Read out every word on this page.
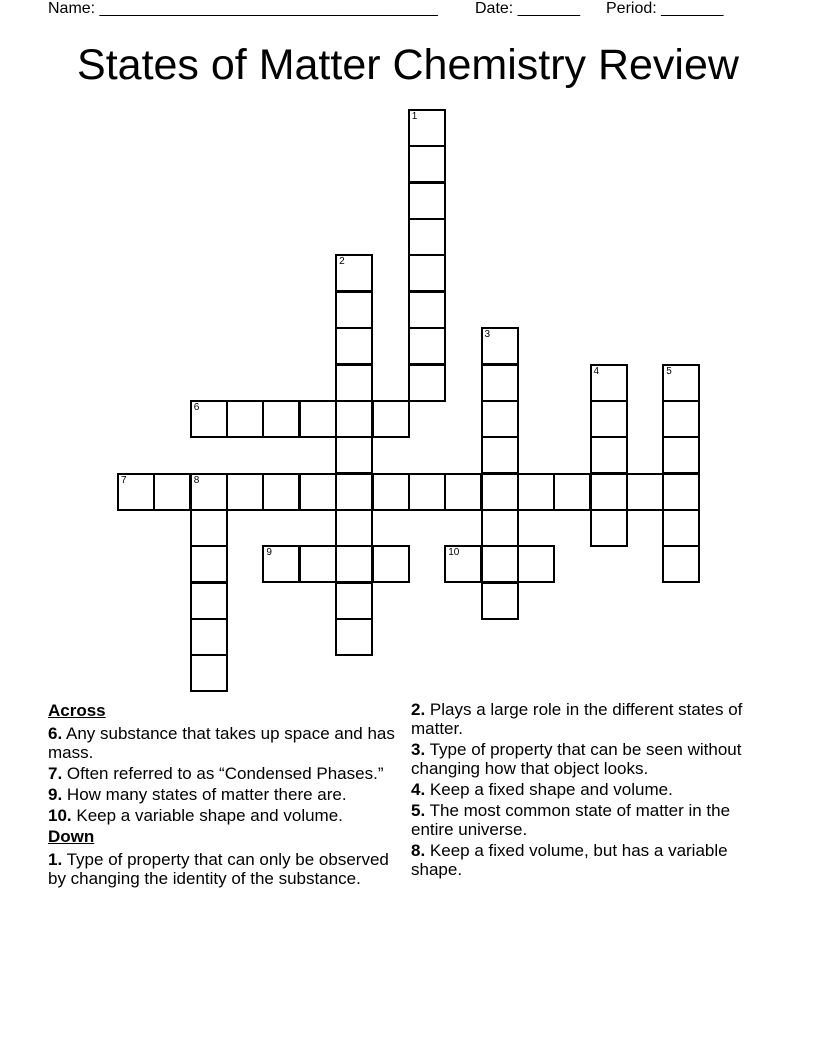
Name: ______________________________________ Date: _______ Period: _______
States of Matter Chemistry Review
1
2
3
4	5
6
7	8
9	10
Across
6. Any substance that takes up space and has mass.
7. Often referred to as “Condensed Phases.”
9. How many states of matter there are.
10. Keep a variable shape and volume.
Down
1. Type of property that can only be observed by changing the identity of the substance.
2. Plays a large role in the different states of matter.
3. Type of property that can be seen without changing how that object looks.
4. Keep a fixed shape and volume.
5. The most common state of matter in the entire universe.
8. Keep a fixed volume, but has a variable shape.
